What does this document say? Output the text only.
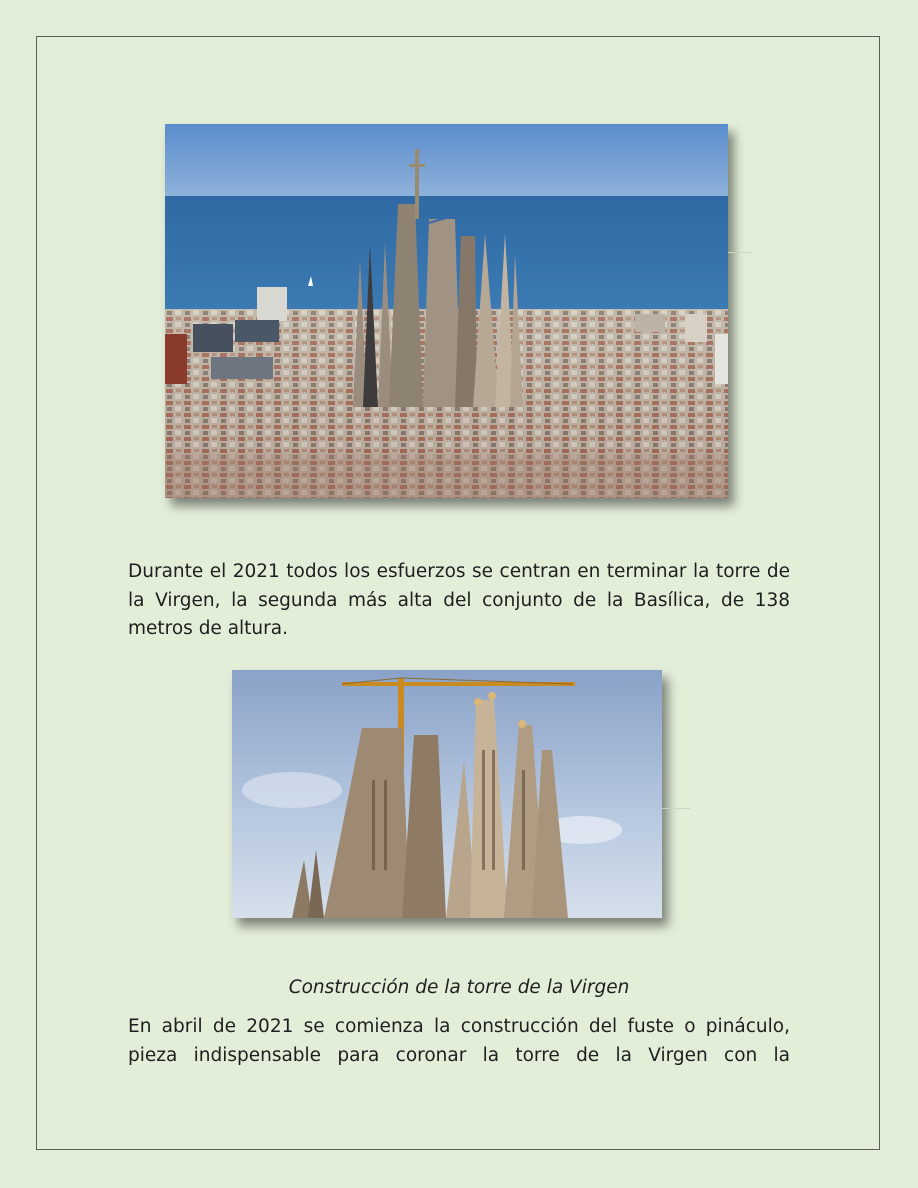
Durante el 2021 todos los esfuerzos se centran en terminar la torre de la Virgen, la segunda más alta del conjunto de la Basílica, de 138 metros de altura.

Construcción de la torre de la Virgen

En abril de 2021 se comienza la construcción del fuste o pináculo, pieza indispensable para coronar la torre de la Virgen con la
